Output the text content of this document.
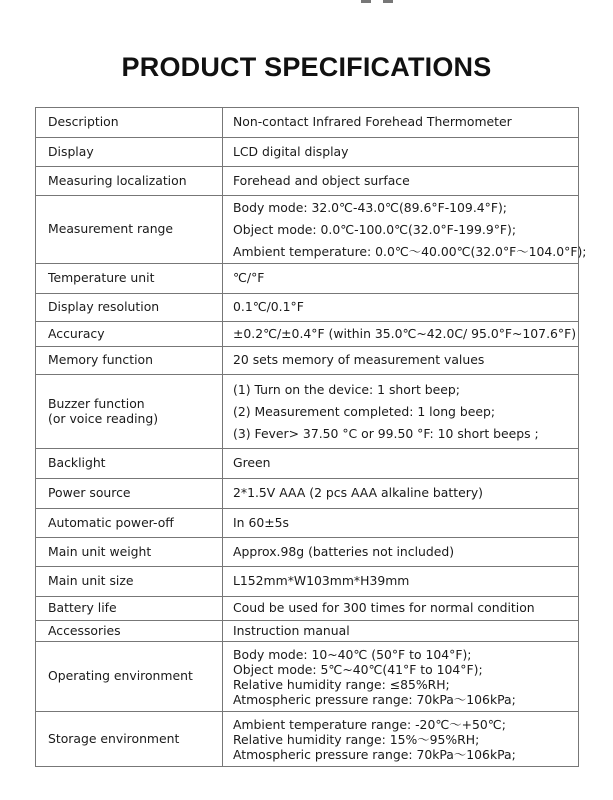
PRODUCT SPECIFICATIONS
Description	Non-contact Infrared Forehead Thermometer
Display	LCD digital display
Measuring localization	Forehead and object surface
Measurement range	Body mode: 32.0℃-43.0℃(89.6°F-109.4°F);
Object mode: 0.0℃-100.0℃(32.0°F-199.9°F);
Ambient temperature: 0.0℃～40.00℃(32.0°F～104.0°F);

Temperature unit	℃/°F
Display resolution	0.1℃/0.1°F
Accuracy	±0.2℃/±0.4°F (within 35.0℃~42.0C/ 95.0°F~107.6°F)
Memory function	20 sets memory of measurement values

Buzzer function
(or voice reading)	(1) Turn on the device: 1 short beep;
(2) Measurement completed: 1 long beep;
(3) Fever> 37.50 °C or 99.50 °F: 10 short beeps ;

Backlight	Green
Power source	2*1.5V AAA (2 pcs AAA alkaline battery)
Automatic power-off	In 60±5s
Main unit weight	Approx.98g (batteries not included)
Main unit size	L152mm*W103mm*H39mm
Battery life	Coud be used for 300 times for normal condition
Accessories	Instruction manual
Operating environment	Body mode: 10~40℃ (50°F to 104°F);
Object mode: 5℃~40℃(41°F to 104°F);
Relative humidity range: ≤85%RH;
Atmospheric pressure range: 70kPa～106kPa;

Storage environment	Ambient temperature range: -20℃～+50℃;
Relative humidity range: 15%～95%RH;
Atmospheric pressure range: 70kPa～106kPa;
